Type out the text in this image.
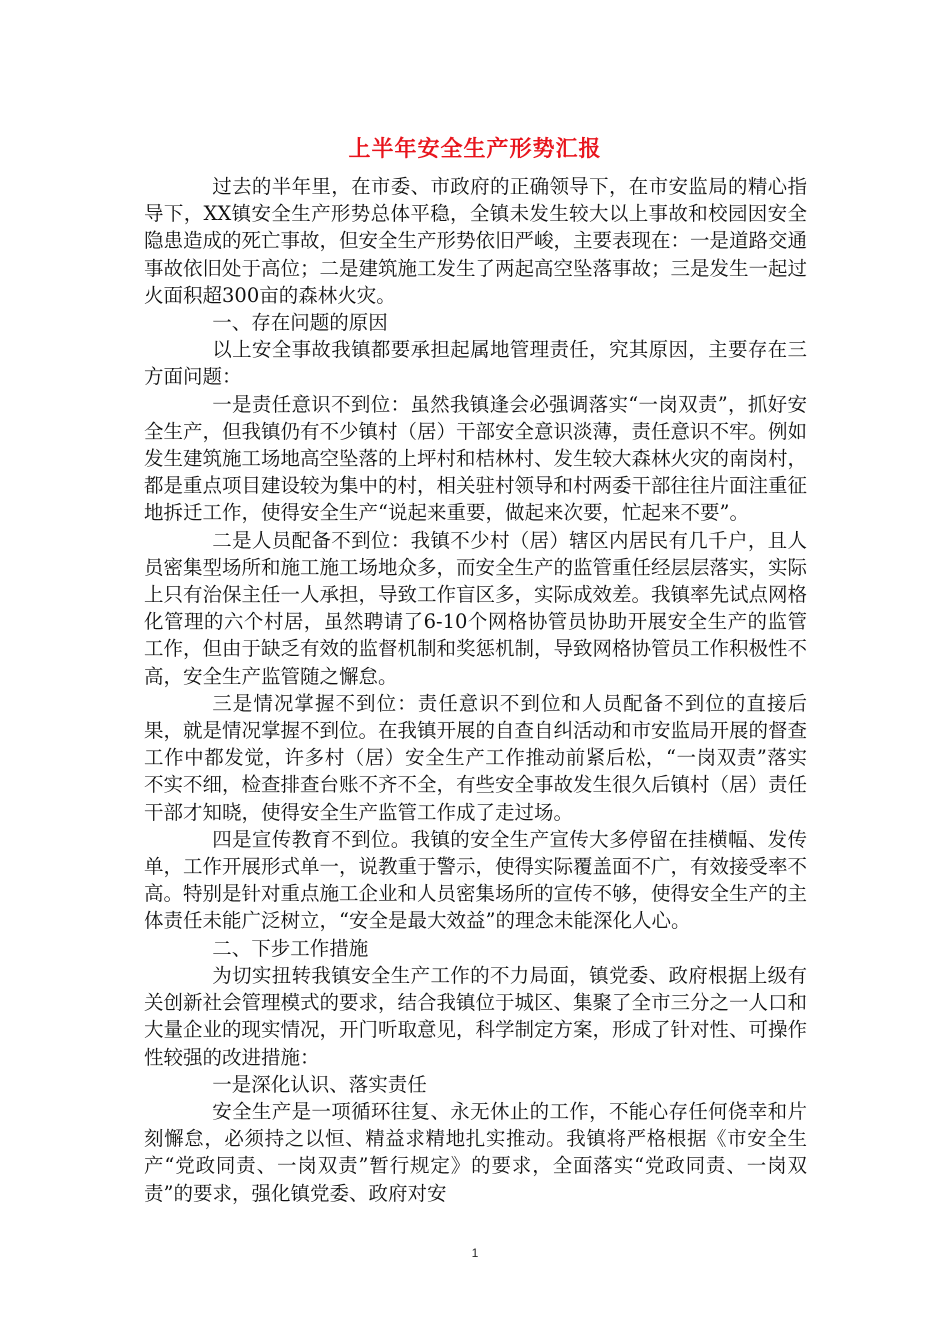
上半年安全生产形势汇报

过去的半年里，在市委、市政府的正确领导下，在市安监局的精心指导下，XX镇安全生产形势总体平稳，全镇未发生较大以上事故和校园因安全隐患造成的死亡事故，但安全生产形势依旧严峻，主要表现在：一是道路交通事故依旧处于高位；二是建筑施工发生了两起高空坠落事故；三是发生一起过火面积超300亩的森林火灾。

一、存在问题的原因

以上安全事故我镇都要承担起属地管理责任，究其原因，主要存在三方面问题：

一是责任意识不到位：虽然我镇逢会必强调落实“一岗双责”，抓好安全生产，但我镇仍有不少镇村（居）干部安全意识淡薄，责任意识不牢。例如发生建筑施工场地高空坠落的上坪村和桔林村、发生较大森林火灾的南岗村，都是重点项目建设较为集中的村，相关驻村领导和村两委干部往往片面注重征地拆迁工作，使得安全生产“说起来重要，做起来次要，忙起来不要”。

二是人员配备不到位：我镇不少村（居）辖区内居民有几千户，且人员密集型场所和施工施工场地众多，而安全生产的监管重任经层层落实，实际上只有治保主任一人承担，导致工作盲区多，实际成效差。我镇率先试点网格化管理的六个村居，虽然聘请了6-10个网格协管员协助开展安全生产的监管工作，但由于缺乏有效的监督机制和奖惩机制，导致网格协管员工作积极性不高，安全生产监管随之懈怠。

三是情况掌握不到位：责任意识不到位和人员配备不到位的直接后果，就是情况掌握不到位。在我镇开展的自查自纠活动和市安监局开展的督查工作中都发觉，许多村（居）安全生产工作推动前紧后松，“一岗双责”落实不实不细，检查排查台账不齐不全，有些安全事故发生很久后镇村（居）责任干部才知晓，使得安全生产监管工作成了走过场。

四是宣传教育不到位。我镇的安全生产宣传大多停留在挂横幅、发传单，工作开展形式单一，说教重于警示，使得实际覆盖面不广，有效接受率不高。特别是针对重点施工企业和人员密集场所的宣传不够，使得安全生产的主体责任未能广泛树立，“安全是最大效益”的理念未能深化人心。

二、下步工作措施

为切实扭转我镇安全生产工作的不力局面，镇党委、政府根据上级有关创新社会管理模式的要求，结合我镇位于城区、集聚了全市三分之一人口和大量企业的现实情况，开门听取意见，科学制定方案，形成了针对性、可操作性较强的改进措施：

一是深化认识、落实责任

安全生产是一项循环往复、永无休止的工作，不能心存任何侥幸和片刻懈怠，必须持之以恒、精益求精地扎实推动。我镇将严格根据《市安全生产“党政同责、一岗双责”暂行规定》的要求，全面落实“党政同责、一岗双责”的要求，强化镇党委、政府对安

1
